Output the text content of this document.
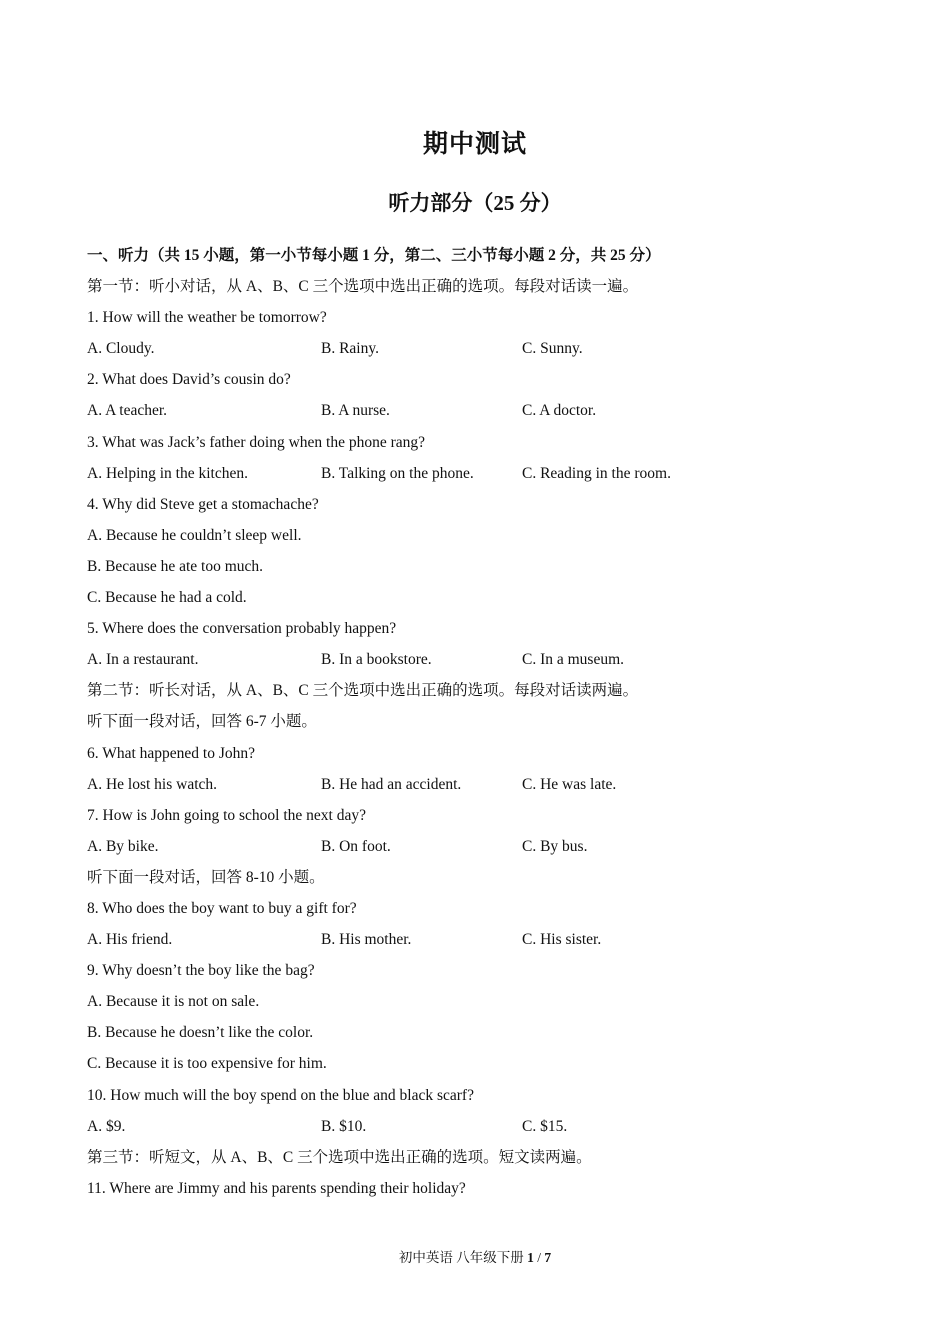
期中测试
听力部分（25 分）
一、听力（共 15 小题，第一小节每小题 1 分，第二、三小节每小题 2 分，共 25 分）
第一节：听小对话，从 A、B、C 三个选项中选出正确的选项。每段对话读一遍。
1. How will the weather be tomorrow?
A. Cloudy.	B. Rainy.	C. Sunny.
2. What does David’s cousin do?
A. A teacher.	B. A nurse.	C. A doctor.
3. What was Jack’s father doing when the phone rang?
A. Helping in the kitchen.	B. Talking on the phone.	C. Reading in the room.
4. Why did Steve get a stomachache?
A. Because he couldn’t sleep well.
B. Because he ate too much.
C. Because he had a cold.
5. Where does the conversation probably happen?
A. In a restaurant.	B. In a bookstore.	C. In a museum.
第二节：听长对话，从 A、B、C 三个选项中选出正确的选项。每段对话读两遍。
听下面一段对话，回答 6-7 小题。
6. What happened to John?
A. He lost his watch.	B. He had an accident.	C. He was late.
7. How is John going to school the next day?
A. By bike.	B. On foot.	C. By bus.
听下面一段对话，回答 8-10 小题。
8. Who does the boy want to buy a gift for?
A. His friend.	B. His mother.	C. His sister.
9. Why doesn’t the boy like the bag?
A. Because it is not on sale.
B. Because he doesn’t like the color.
C. Because it is too expensive for him.
10. How much will the boy spend on the blue and black scarf?
A. $9.	B. $10.	C. $15.
第三节：听短文，从 A、B、C 三个选项中选出正确的选项。短文读两遍。
11. Where are Jimmy and his parents spending their holiday?
初中英语 八年级下册 1 / 7
